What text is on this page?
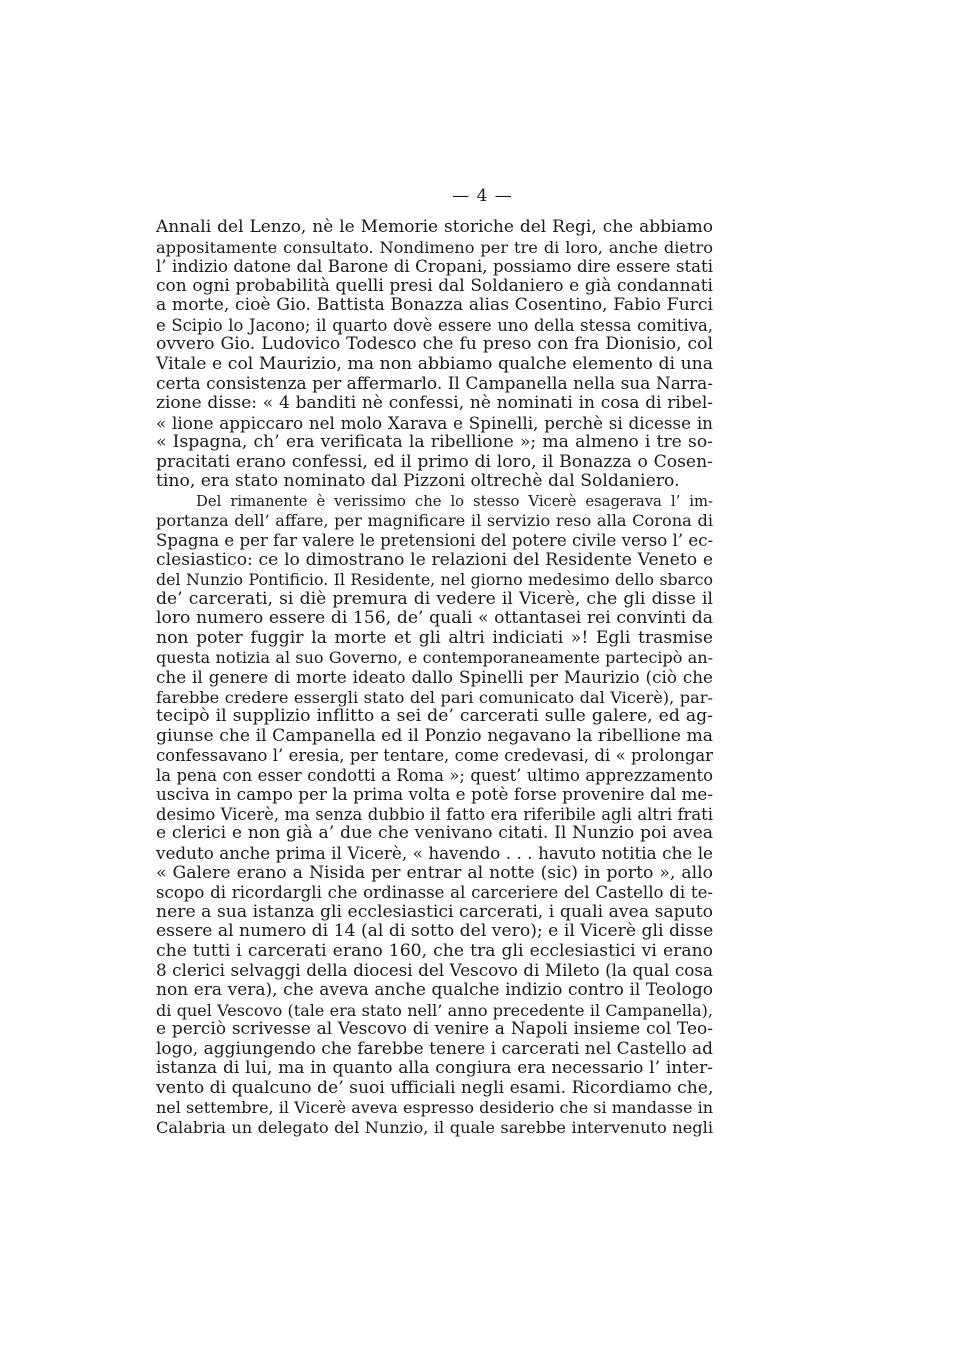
— 4 —
Annali del Lenzo, nè le Memorie storiche del Regi, che abbiamo
appositamente consultato. Nondimeno per tre di loro, anche dietro
l’ indizio datone dal Barone di Cropani, possiamo dire essere stati
con ogni probabilità quelli presi dal Soldaniero e già condannati
a morte, cioè Gio. Battista Bonazza alias Cosentino, Fabio Furci
e Scipio lo Jacono; il quarto dovè essere uno della stessa comitiva,
ovvero Gio. Ludovico Todesco che fu preso con fra Dionisio, col
Vitale e col Maurizio, ma non abbiamo qualche elemento di una
certa consistenza per affermarlo. Il Campanella nella sua Narra-
zione disse: « 4 banditi nè confessi, nè nominati in cosa di ribel-
« lione appiccaro nel molo Xarava e Spinelli, perchè si dicesse in
« Ispagna, ch’ era verificata la ribellione »; ma almeno i tre so-
pracitati erano confessi, ed il primo di loro, il Bonazza o Cosen-
tino, era stato nominato dal Pizzoni oltrechè dal Soldaniero.
Del rimanente è verissimo che lo stesso Vicerè esagerava l’ im-
portanza dell’ affare, per magnificare il servizio reso alla Corona di
Spagna e per far valere le pretensioni del potere civile verso l’ ec-
clesiastico: ce lo dimostrano le relazioni del Residente Veneto e
del Nunzio Pontificio. Il Residente, nel giorno medesimo dello sbarco
de’ carcerati, si diè premura di vedere il Vicerè, che gli disse il
loro numero essere di 156, de’ quali « ottantasei rei convinti da
non poter fuggir la morte et gli altri indiciati »! Egli trasmise
questa notizia al suo Governo, e contemporaneamente partecipò an-
che il genere di morte ideato dallo Spinelli per Maurizio (ciò che
farebbe credere essergli stato del pari comunicato dal Vicerè), par-
tecipò il supplizio inflitto a sei de’ carcerati sulle galere, ed ag-
giunse che il Campanella ed il Ponzio negavano la ribellione ma
confessavano l’ eresia, per tentare, come credevasi, di « prolongar
la pena con esser condotti a Roma »; quest’ ultimo apprezzamento
usciva in campo per la prima volta e potè forse provenire dal me-
desimo Vicerè, ma senza dubbio il fatto era riferibile agli altri frati
e clerici e non già a’ due che venivano citati. Il Nunzio poi avea
veduto anche prima il Vicerè, « havendo . . . havuto notitia che le
« Galere erano a Nisida per entrar al notte (sic) in porto », allo
scopo di ricordargli che ordinasse al carceriere del Castello di te-
nere a sua istanza gli ecclesiastici carcerati, i quali avea saputo
essere al numero di 14 (al di sotto del vero); e il Vicerè gli disse
che tutti i carcerati erano 160, che tra gli ecclesiastici vi erano
8 clerici selvaggi della diocesi del Vescovo di Mileto (la qual cosa
non era vera), che aveva anche qualche indizio contro il Teologo
di quel Vescovo (tale era stato nell’ anno precedente il Campanella),
e perciò scrivesse al Vescovo di venire a Napoli insieme col Teo-
logo, aggiungendo che farebbe tenere i carcerati nel Castello ad
istanza di lui, ma in quanto alla congiura era necessario l’ inter-
vento di qualcuno de’ suoi ufficiali negli esami. Ricordiamo che,
nel settembre, il Vicerè aveva espresso desiderio che si mandasse in
Calabria un delegato del Nunzio, il quale sarebbe intervenuto negli
